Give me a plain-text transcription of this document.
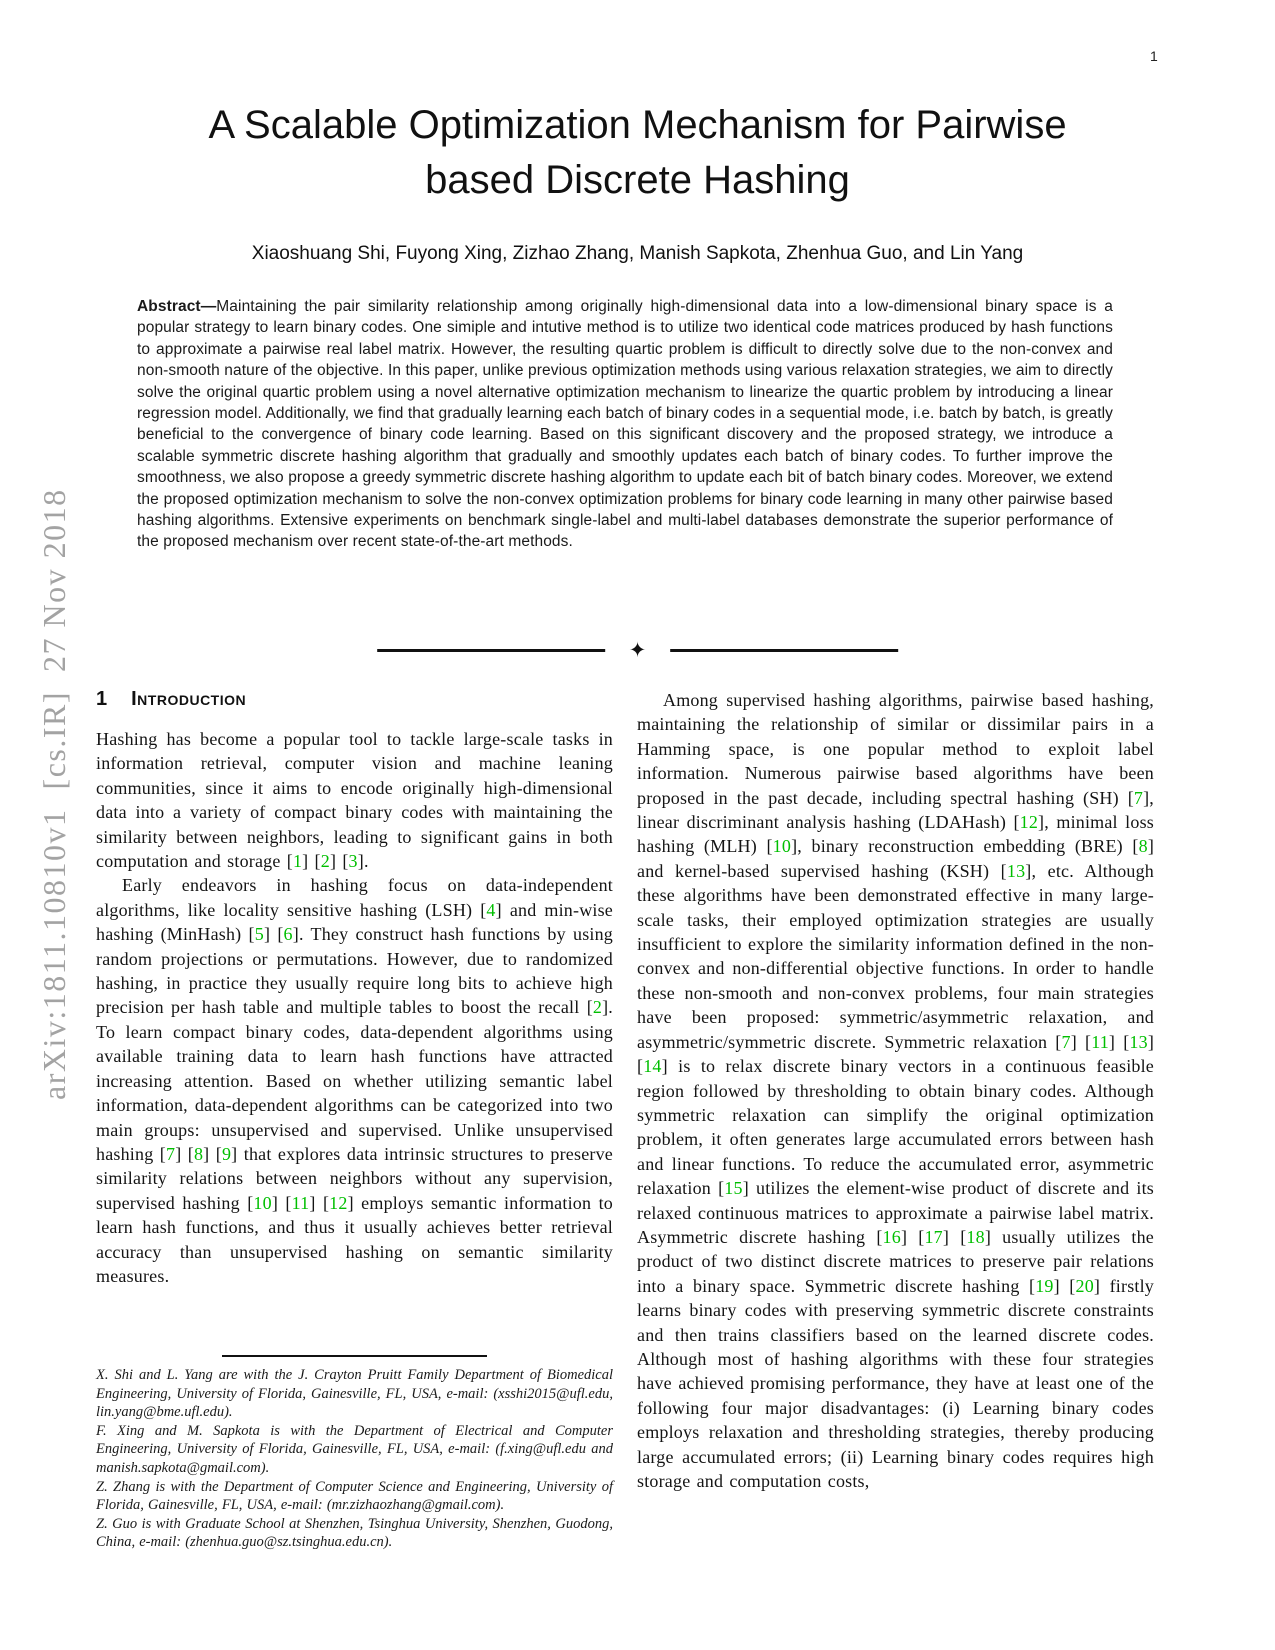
arXiv:1811.10810v1  [cs.IR]  27 Nov 2018
1
A Scalable Optimization Mechanism for Pairwise based Discrete Hashing
Xiaoshuang Shi, Fuyong Xing, Zizhao Zhang, Manish Sapkota, Zhenhua Guo, and Lin Yang
Abstract—Maintaining the pair similarity relationship among originally high-dimensional data into a low-dimensional binary space is a popular strategy to learn binary codes. One simiple and intutive method is to utilize two identical code matrices produced by hash functions to approximate a pairwise real label matrix. However, the resulting quartic problem is difficult to directly solve due to the non-convex and non-smooth nature of the objective. In this paper, unlike previous optimization methods using various relaxation strategies, we aim to directly solve the original quartic problem using a novel alternative optimization mechanism to linearize the quartic problem by introducing a linear regression model. Additionally, we find that gradually learning each batch of binary codes in a sequential mode, i.e. batch by batch, is greatly beneficial to the convergence of binary code learning. Based on this significant discovery and the proposed strategy, we introduce a scalable symmetric discrete hashing algorithm that gradually and smoothly updates each batch of binary codes. To further improve the smoothness, we also propose a greedy symmetric discrete hashing algorithm to update each bit of batch binary codes. Moreover, we extend the proposed optimization mechanism to solve the non-convex optimization problems for binary code learning in many other pairwise based hashing algorithms. Extensive experiments on benchmark single-label and multi-label databases demonstrate the superior performance of the proposed mechanism over recent state-of-the-art methods.
✦
1 Introduction

Hashing has become a popular tool to tackle large-scale tasks in information retrieval, computer vision and machine leaning communities, since it aims to encode originally high-dimensional data into a variety of compact binary codes with maintaining the similarity between neighbors, leading to significant gains in both computation and storage [1] [2] [3].

Early endeavors in hashing focus on data-independent algorithms, like locality sensitive hashing (LSH) [4] and min-wise hashing (MinHash) [5] [6]. They construct hash functions by using random projections or permutations. However, due to randomized hashing, in practice they usually require long bits to achieve high precision per hash table and multiple tables to boost the recall [2]. To learn compact binary codes, data-dependent algorithms using available training data to learn hash functions have attracted increasing attention. Based on whether utilizing semantic label information, data-dependent algorithms can be categorized into two main groups: unsupervised and supervised. Unlike unsupervised hashing [7] [8] [9] that explores data intrinsic structures to preserve similarity relations between neighbors without any supervision, supervised hashing [10] [11] [12] employs semantic information to learn hash functions, and thus it usually achieves better retrieval accuracy than unsupervised hashing on semantic similarity measures.

X. Shi and L. Yang are with the J. Crayton Pruitt Family Department of Biomedical Engineering, University of Florida, Gainesville, FL, USA, e-mail: (xsshi2015@ufl.edu, lin.yang@bme.ufl.edu).

F. Xing and M. Sapkota is with the Department of Electrical and Computer Engineering, University of Florida, Gainesville, FL, USA, e-mail: (f.xing@ufl.edu and manish.sapkota@gmail.com).

Z. Zhang is with the Department of Computer Science and Engineering, University of Florida, Gainesville, FL, USA, e-mail: (mr.zizhaozhang@gmail.com).

Z. Guo is with Graduate School at Shenzhen, Tsinghua University, Shenzhen, Guodong, China, e-mail: (zhenhua.guo@sz.tsinghua.edu.cn).

Among supervised hashing algorithms, pairwise based hashing, maintaining the relationship of similar or dissimilar pairs in a Hamming space, is one popular method to exploit label information. Numerous pairwise based algorithms have been proposed in the past decade, including spectral hashing (SH) [7], linear discriminant analysis hashing (LDAHash) [12], minimal loss hashing (MLH) [10], binary reconstruction embedding (BRE) [8] and kernel-based supervised hashing (KSH) [13], etc. Although these algorithms have been demonstrated effective in many large-scale tasks, their employed optimization strategies are usually insufficient to explore the similarity information defined in the non-convex and non-differential objective functions. In order to handle these non-smooth and non-convex problems, four main strategies have been proposed: symmetric/asymmetric relaxation, and asymmetric/symmetric discrete. Symmetric relaxation [7] [11] [13] [14] is to relax discrete binary vectors in a continuous feasible region followed by thresholding to obtain binary codes. Although symmetric relaxation can simplify the original optimization problem, it often generates large accumulated errors between hash and linear functions. To reduce the accumulated error, asymmetric relaxation [15] utilizes the element-wise product of discrete and its relaxed continuous matrices to approximate a pairwise label matrix. Asymmetric discrete hashing [16] [17] [18] usually utilizes the product of two distinct discrete matrices to preserve pair relations into a binary space. Symmetric discrete hashing [19] [20] firstly learns binary codes with preserving symmetric discrete constraints and then trains classifiers based on the learned discrete codes. Although most of hashing algorithms with these four strategies have achieved promising performance, they have at least one of the following four major disadvantages: (i) Learning binary codes employs relaxation and thresholding strategies, thereby producing large accumulated errors; (ii) Learning binary codes requires high storage and computation costs,
